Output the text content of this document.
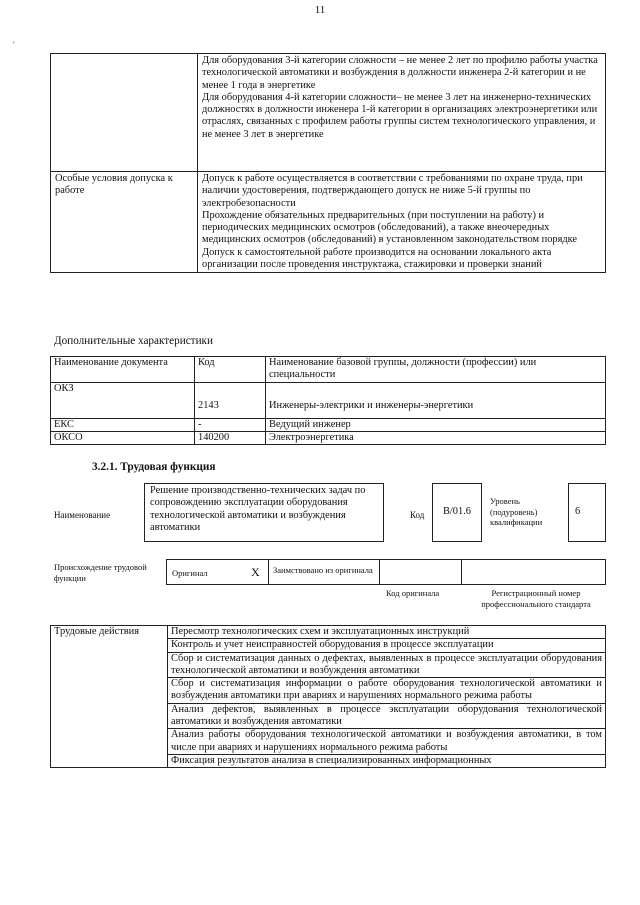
11
'

	Для оборудования 3-й категории сложности – не менее 2 лет по профилю работы участка технологической автоматики и возбуждения в должности инженера 2-й категории и не менее 1 года в энергетике

Для оборудования 4-й категории сложности– не менее 3 лет на инженерно-технических должностях в должности инженера 1-й категории в организациях электроэнергетики или отраслях, связанных с профилем работы группы систем технологического управления, и не менее 3 лет в энергетике

Особые условия допуска к работе	Допуск к работе осуществляется в соответствии с требованиями по охране труда, при наличии удостоверения, подтверждающего допуск не ниже 5-й группы по электробезопасности

Прохождение обязательных предварительных (при поступлении на работу) и периодических медицинских осмотров (обследований), а также внеочередных медицинских осмотров (обследований) в установленном законодательством порядке

Допуск к самостоятельной работе производится на основании локального акта организации после проведения инструктажа, стажировки и проверки знаний

Дополнительные характеристики
Наименование документа	Код	Наименование базовой группы, должности (профессии) или специальности
ОКЗ	2143	Инженеры-электрики и инженеры-энергетики
ЕКС	-	Ведущий инженер
ОКСО	140200	Электроэнергетика
3.2.1. Трудовая функция
Наименование
Решение производственно-технических задач по сопровождению эксплуатации оборудования технологической автоматики и возбуждения автоматики
Код	B/01.6
Уровень (подуровень) квалификации
6
Происхождение трудовой функции	Оригинал	X	Заимствовано из оригинала
Код оригинала	Регистрационный номер профессионального стандарта
Трудовые действия	Пересмотр технологических схем и эксплуатационных инструкций
Контроль и учет неисправностей оборудования в процессе эксплуатации
Сбор и систематизация данных о дефектах, выявленных в процессе эксплуатации оборудования технологической автоматики и возбуждения автоматики
Сбор и систематизация информации о работе оборудования технологической автоматики и возбуждения автоматики при авариях и нарушениях нормального режима работы
Анализ дефектов, выявленных в процессе эксплуатации оборудования технологической автоматики и возбуждения автоматики
Анализ работы оборудования технологической автоматики и возбуждения автоматики, в том числе при авариях и нарушениях нормального режима работы
Фиксация результатов анализа в специализированных информационных
